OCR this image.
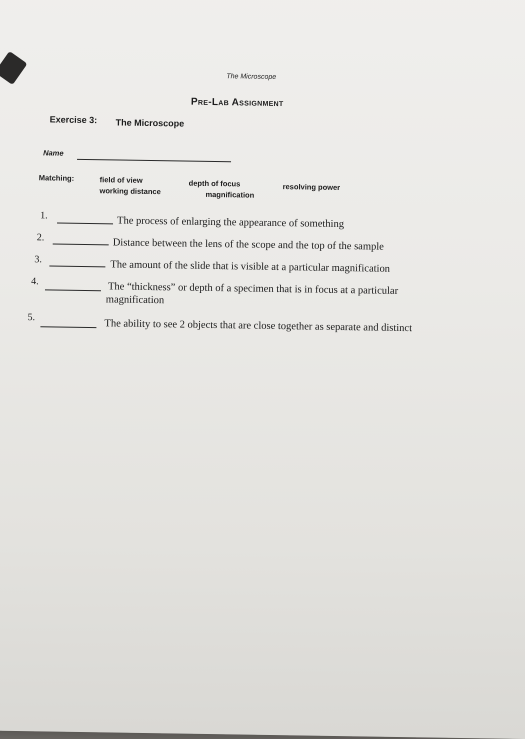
The Microscope
Pre-Lab Assignment
Exercise 3: The Microscope
Name
Matching:	field of view	depth of focus	resolving power
working distance	magnification
1.	The process of enlarging the appearance of something
2.	Distance between the lens of the scope and the top of the sample
3.	The amount of the slide that is visible at a particular magnification
4.	The “thickness” or depth of a specimen that is in focus at a particular
magnification
5.
The ability to see 2 objects that are close together as separate and distinct
